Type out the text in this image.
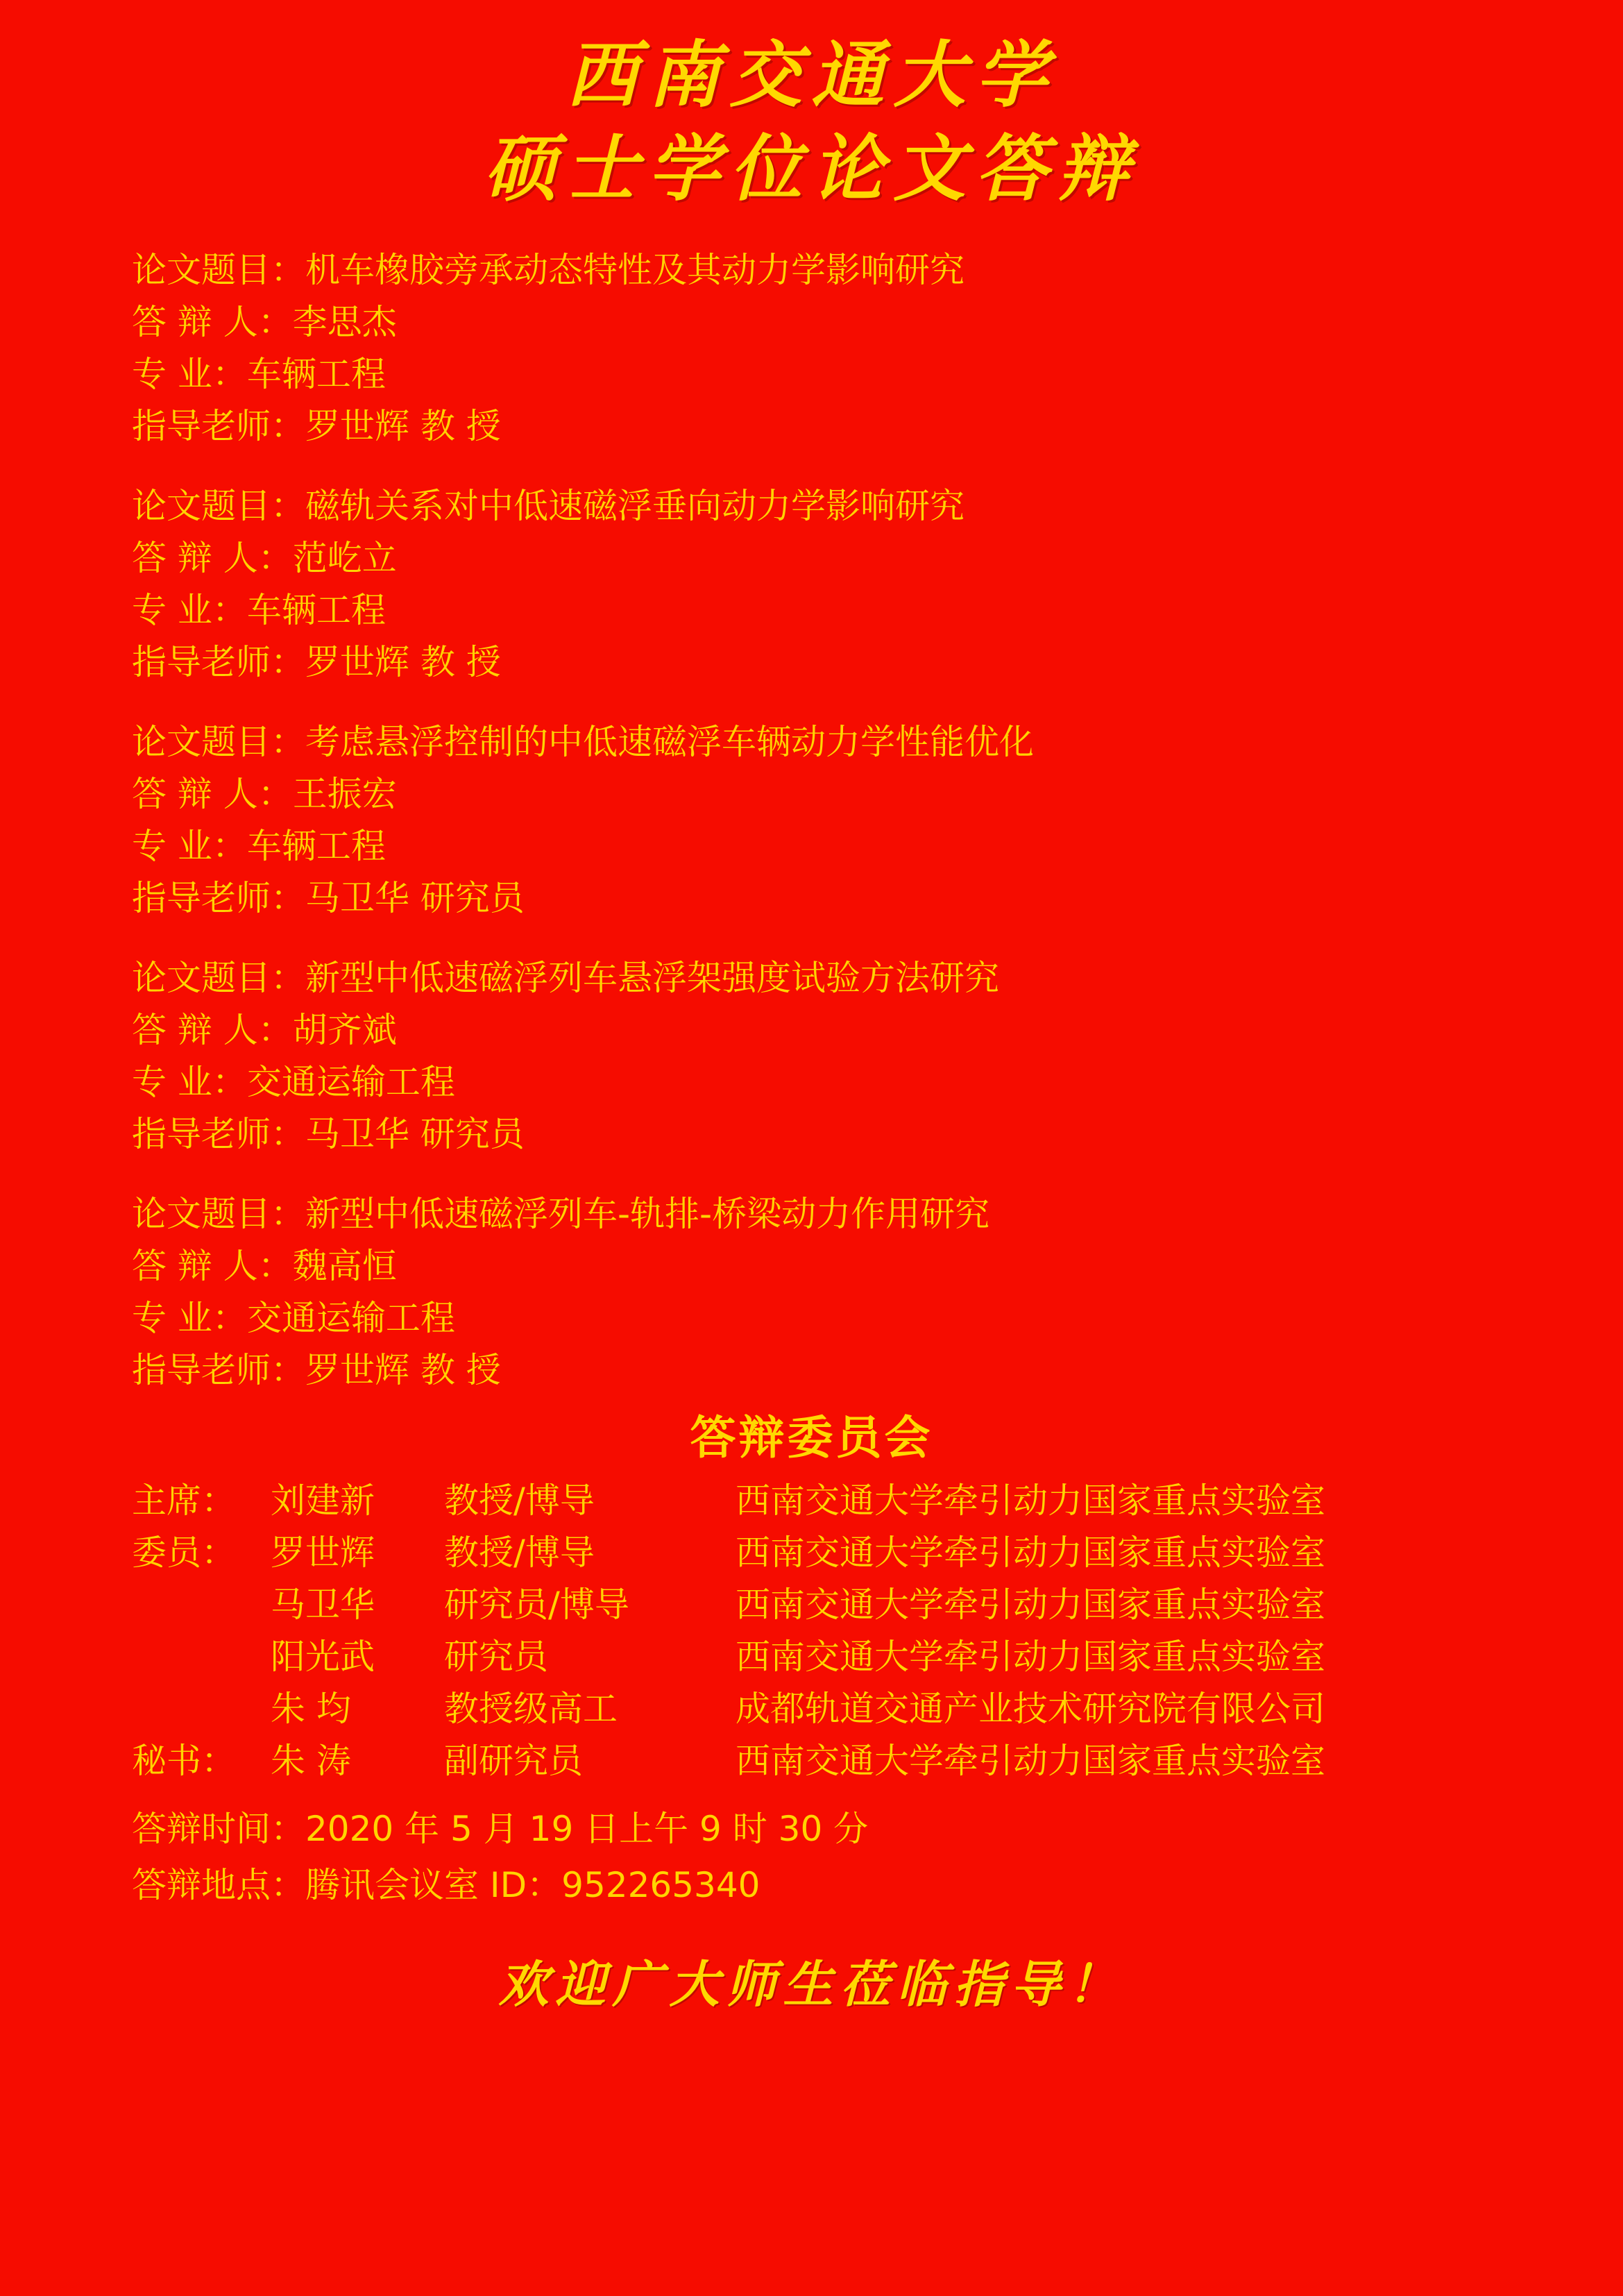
西南交通大学
硕士学位论文答辩
论文题目：机车橡胶旁承动态特性及其动力学影响研究
答 辩 人：李思杰
专 业：车辆工程
指导老师：罗世辉 教 授
论文题目：磁轨关系对中低速磁浮垂向动力学影响研究
答 辩 人：范屹立
专 业：车辆工程
指导老师：罗世辉 教 授
论文题目：考虑悬浮控制的中低速磁浮车辆动力学性能优化
答 辩 人：王振宏
专 业：车辆工程
指导老师：马卫华 研究员
论文题目：新型中低速磁浮列车悬浮架强度试验方法研究
答 辩 人：胡齐斌
专 业：交通运输工程
指导老师：马卫华 研究员
论文题目：新型中低速磁浮列车-轨排-桥梁动力作用研究
答 辩 人：魏高恒
专 业：交通运输工程
指导老师：罗世辉 教 授
答辩委员会
主席： 刘建新 教授/博导	西南交通大学牵引动力国家重点实验室
委员： 罗世辉 教授/博导	西南交通大学牵引动力国家重点实验室
马卫华 研究员/博导	西南交通大学牵引动力国家重点实验室
阳光武 研究员	西南交通大学牵引动力国家重点实验室
朱 均	教授级高工	成都轨道交通产业技术研究院有限公司
秘书： 朱 涛	副研究员	西南交通大学牵引动力国家重点实验室
答辩时间：2020 年 5 月 19 日上午 9 时 30 分
答辩地点：腾讯会议室 ID：952265340
欢迎广大师生莅临指导！
